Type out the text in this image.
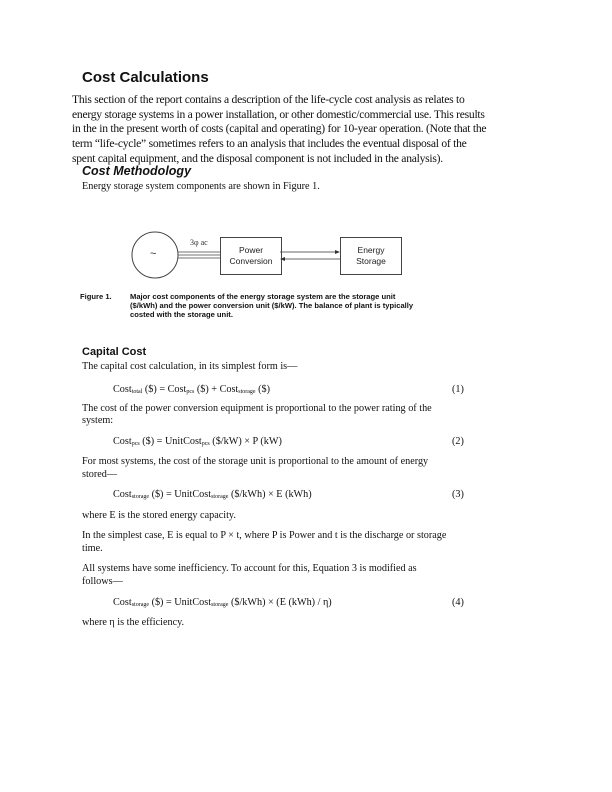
Cost Calculations
This section of the report contains a description of the life-cycle cost analysis as relates to
energy storage systems in a power installation, or other domestic/commercial use. This results
in the in the present worth of costs (capital and operating) for 10-year operation. (Note that the
term “life-cycle” sometimes refers to an analysis that includes the eventual disposal of the
spent capital equipment, and the disposal component is not included in the analysis).
Cost Methodology
Energy storage system components are shown in Figure 1.
~
3φ ac
Power
Conversion
Energy
Storage
Figure 1. Major cost components of the energy storage system are the storage unit
($/kWh) and the power conversion unit ($/kW). The balance of plant is typically
costed with the storage unit.
Capital Cost
The capital cost calculation, in its simplest form is—
Cost$_{total}$ ($) = Cost$_{pcs}$ ($) + Cost$_{storage}$ ($)	(1)
The cost of the power conversion equipment is proportional to the power rating of the
system:
Cost$_{pcs}$ ($) = UnitCost$_{pcs}$ ($/kW) × P (kW)	(2)
For most systems, the cost of the storage unit is proportional to the amount of energy
stored—
Cost$_{storage}$ ($) = UnitCost$_{storage}$ ($/kWh) × E (kWh)	(3)
where E is the stored energy capacity.
In the simplest case, E is equal to P × t, where P is Power and t is the discharge or storage
time.
All systems have some inefficiency. To account for this, Equation 3 is modified as
follows—
Cost$_{storage}$ ($) = UnitCost$_{storage}$ ($/kWh) × (E (kWh) / η)	(4)
where η is the efficiency.
